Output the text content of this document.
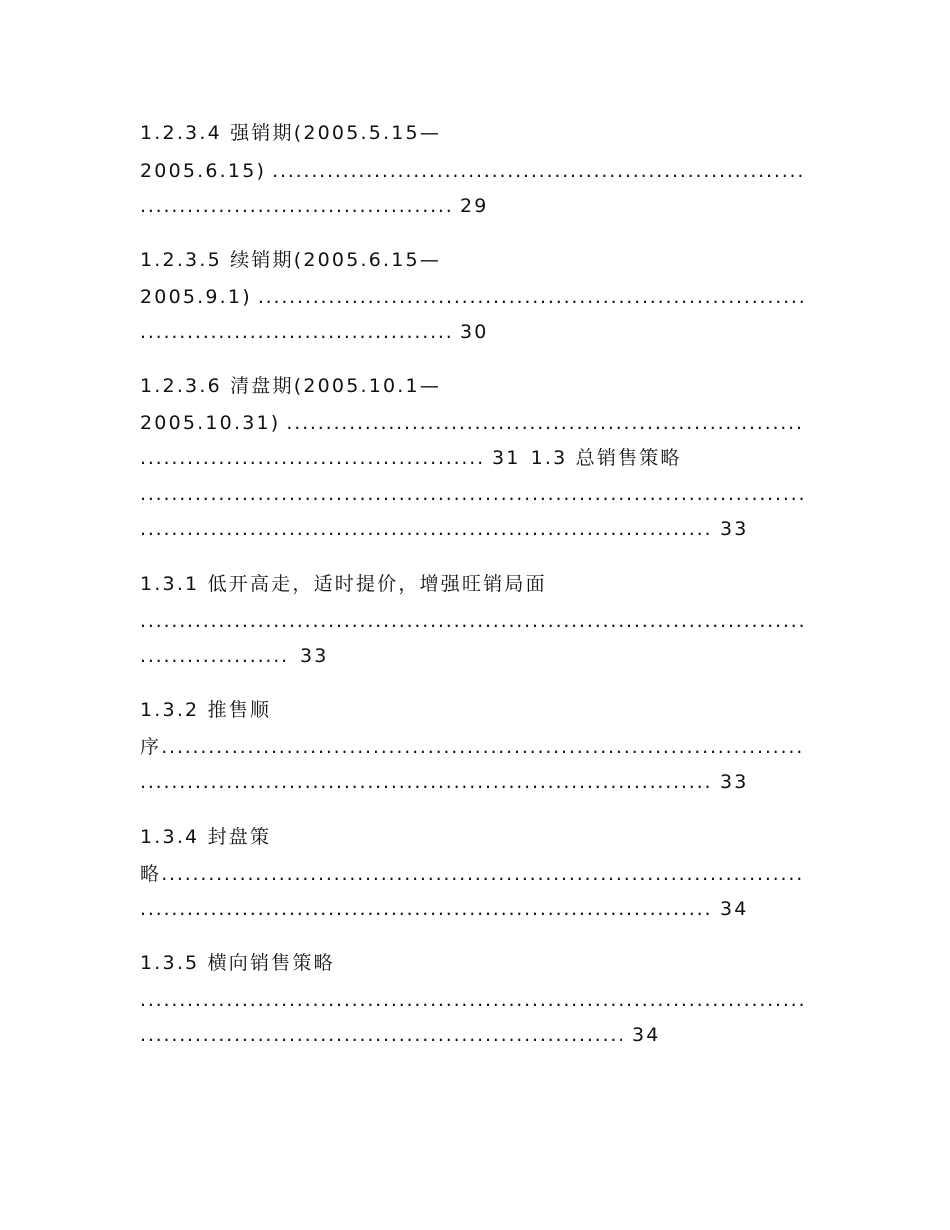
1.2.3.4 强销期(2005.5.15—
2005.6.15)
.....
.....
29
1.2.3.5 续销期(2005.6.15—
2005.9.1)
.....
.....
30
1.2.3.6 清盘期(2005.10.1—
2005.10.31)
.....
.....
31 1.3 总销售策略
.....
.....
33
1.3.1 低开高走，适时提价，增强旺销局面
.....
.....
33
1.3.2 推售顺
序
.....
.....
33
1.3.4 封盘策
略
.....
.....
34
1.3.5 横向销售策略
.....
.....
34
